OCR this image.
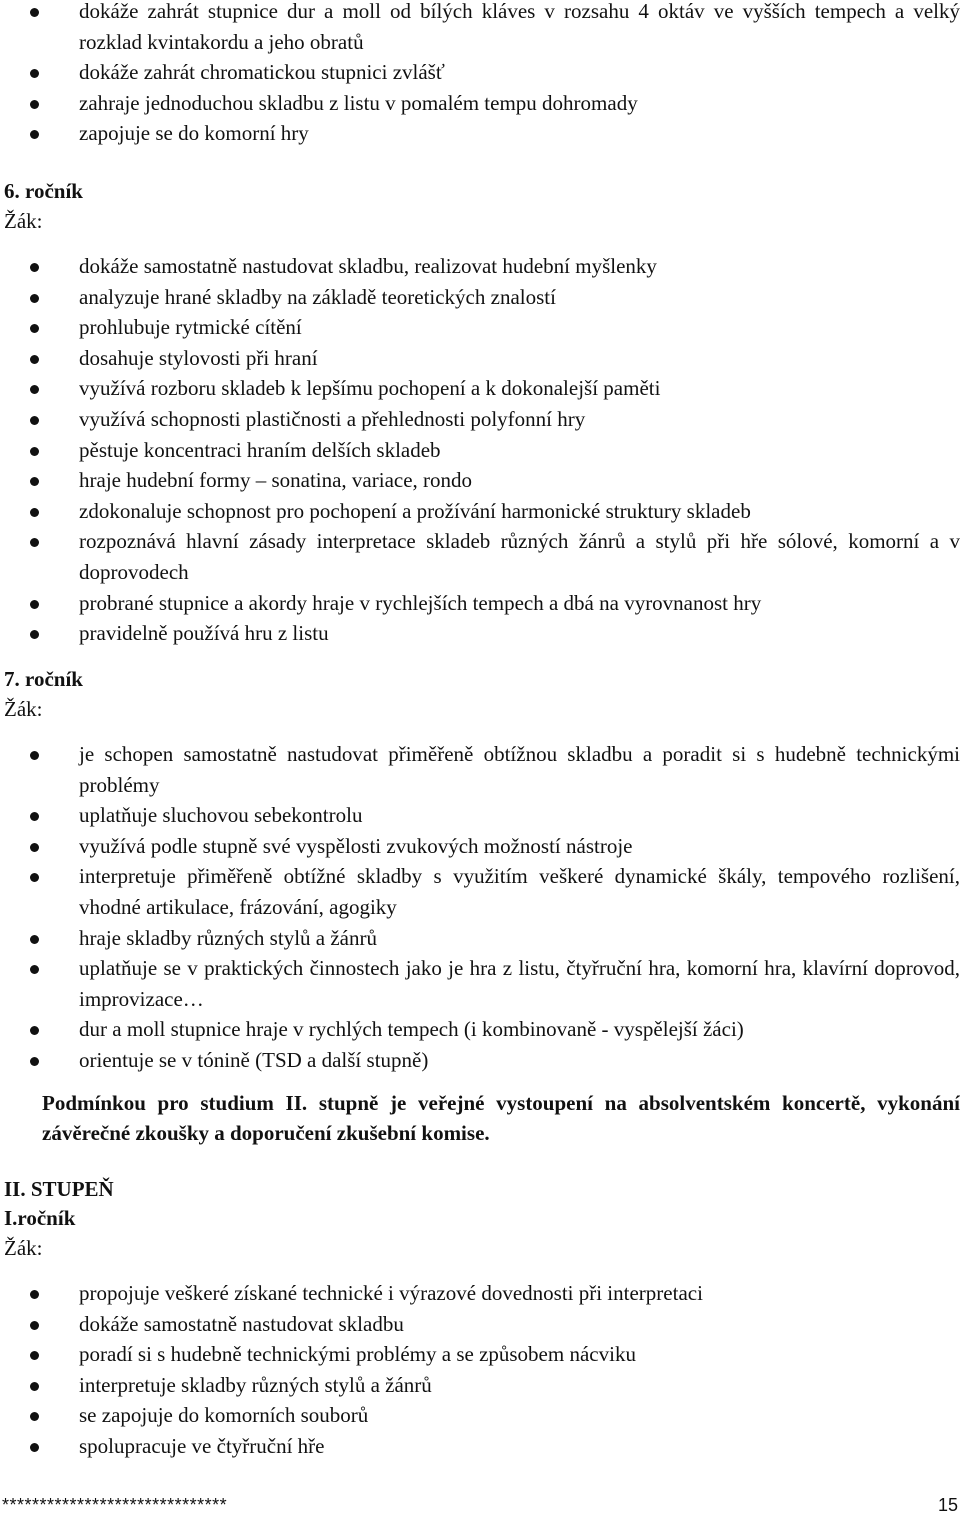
dokáže zahrát stupnice dur a moll od bílých kláves v rozsahu 4 oktáv ve vyšších tempech a velký rozklad kvintakordu a jeho obratů
dokáže zahrát chromatickou stupnici zvlášť
zahraje jednoduchou skladbu z listu v pomalém tempu dohromady
zapojuje se do komorní hry

6. ročník

Žák:

dokáže samostatně nastudovat skladbu, realizovat hudební myšlenky
analyzuje hrané skladby na základě teoretických znalostí
prohlubuje rytmické cítění
dosahuje stylovosti při hraní
využívá rozboru skladeb k lepšímu pochopení a k dokonalejší paměti
využívá schopnosti plastičnosti a přehlednosti polyfonní hry
pěstuje koncentraci hraním delších skladeb
hraje hudební formy – sonatina, variace, rondo
zdokonaluje schopnost pro pochopení a prožívání harmonické struktury skladeb
rozpoznává hlavní zásady interpretace skladeb různých žánrů a stylů při hře sólové, komorní a v doprovodech
probrané stupnice a akordy hraje v rychlejších tempech a dbá na vyrovnanost hry
pravidelně používá hru z listu

7. ročník

Žák:

je schopen samostatně nastudovat přiměřeně obtížnou skladbu a poradit si s hudebně technickými problémy
uplatňuje sluchovou sebekontrolu
využívá podle stupně své vyspělosti zvukových možností nástroje
interpretuje přiměřeně obtížné skladby s využitím veškeré dynamické škály, tempového rozlišení, vhodné artikulace, frázování, agogiky
hraje skladby různých stylů a žánrů
uplatňuje se v praktických činnostech jako je hra z listu, čtyřruční hra, komorní hra, klavírní doprovod, improvizace…
dur a moll stupnice hraje v rychlých tempech (i kombinovaně - vyspělejší žáci)
orientuje se v tónině (TSD a další stupně)

Podmínkou pro studium II. stupně je veřejné vystoupení na absolventském koncertě, vykonání závěrečné zkoušky a doporučení zkušební komise.

II. STUPEŇ

I.ročník

Žák:

propojuje veškeré získané technické i výrazové dovednosti při interpretaci
dokáže samostatně nastudovat skladbu
poradí si s hudebně technickými problémy a se způsobem nácviku
interpretuje skladby různých stylů a žánrů
se zapojuje do komorních souborů
spolupracuje ve čtyřruční hře
******************************	15
